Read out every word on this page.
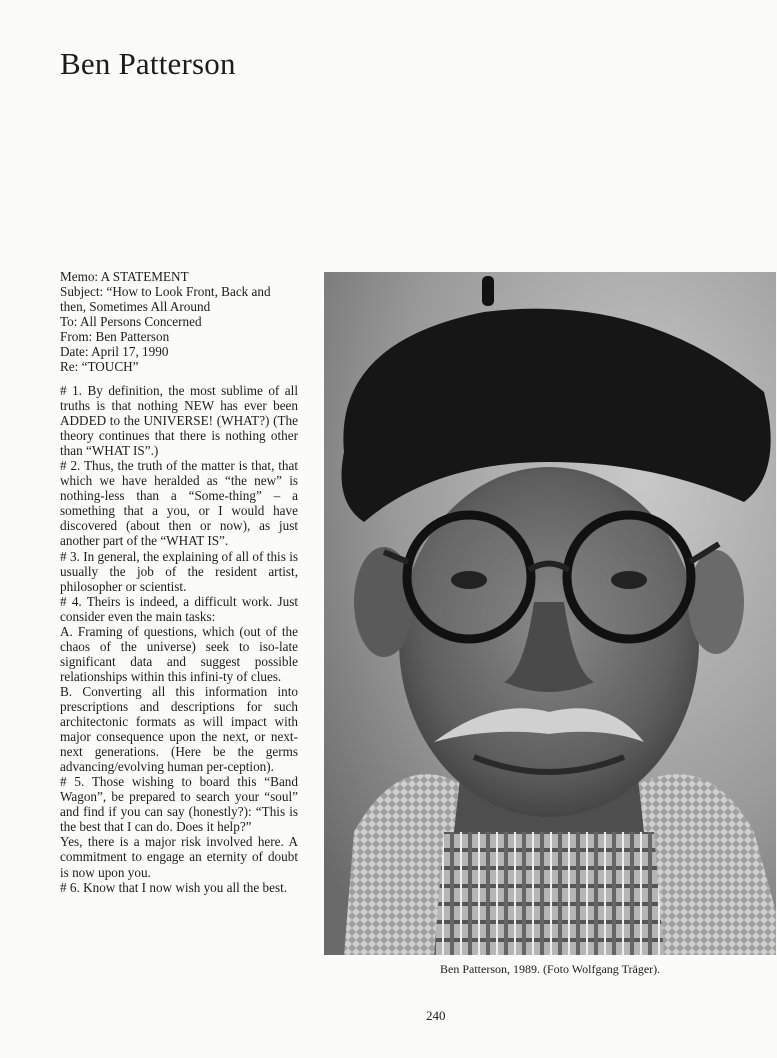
Ben Patterson
Memo: A STATEMENT
Subject: “How to Look Front, Back and
then, Sometimes All Around
To: All Persons Concerned
From: Ben Patterson
Date: April 17, 1990
Re: “TOUCH”

# 1. By definition, the most sublime of all truths is that nothing NEW has ever been ADDED to the UNIVERSE! (WHAT?) (The theory continues that there is nothing other than “WHAT IS”.)

# 2. Thus, the truth of the matter is that, that which we have heralded as “the new” is nothing-less than a “Some-thing” – a something that a you, or I would have discovered (about then or now), as just another part of the “WHAT IS”.

# 3. In general, the explaining of all of this is usually the job of the resident artist, philosopher or scientist.

# 4. Theirs is indeed, a difficult work. Just consider even the main tasks:

A. Framing of questions, which (out of the chaos of the universe) seek to iso-late significant data and suggest possible relationships within this infini-ty of clues.

B. Converting all this information into prescriptions and descriptions for such architectonic formats as will impact with major consequence upon the next, or next-next generations. (Here be the germs advancing/evolving human per-ception).

# 5. Those wishing to board this “Band Wagon”, be prepared to search your “soul” and find if you can say (honestly?): “This is the best that I can do. Does it help?”

Yes, there is a major risk involved here. A commitment to engage an eternity of doubt is now upon you.

# 6. Know that I now wish you all the best.

Ben Patterson, 1989. (Foto Wolfgang Träger).
240
